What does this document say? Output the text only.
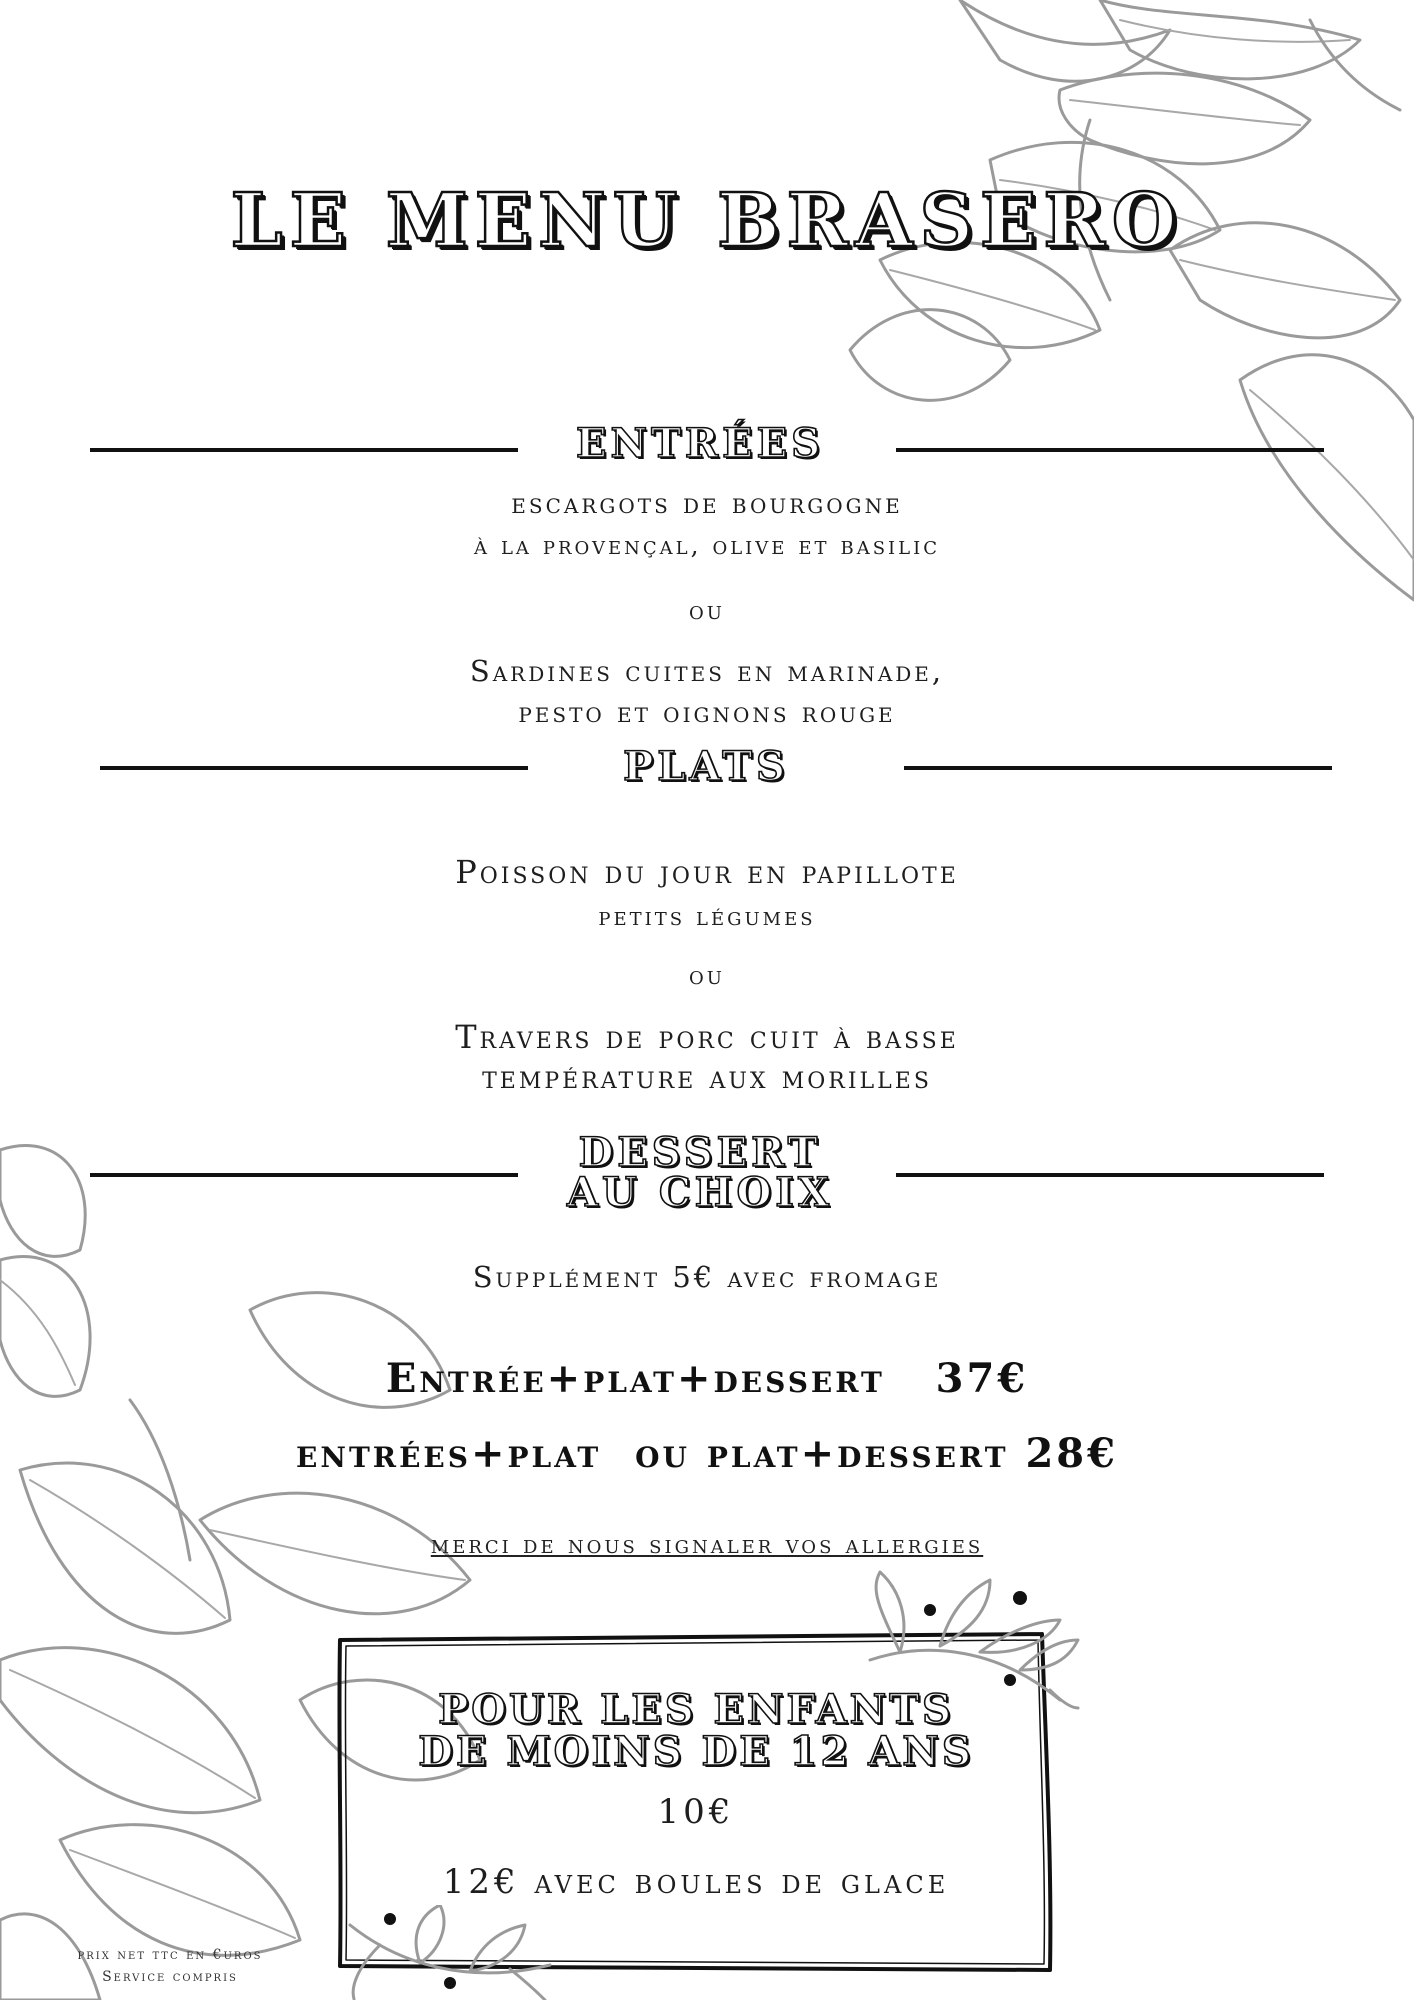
LE MENU BRASERO
ENTRÉES
escargots de bourgogne
à la provençal, olive et basilic
ou
Sardines cuites en marinade,
pesto et oignons rouge
PLATS
Poisson du jour en papillote
petits légumes
ou
Travers de porc cuit à basse
température aux morilles
DESSERT
AU CHOIX
Supplément 5€ avec fromage
Entrée+plat+dessert   37€
entrées+plat  ou plat+dessert 28€
merci de nous signaler vos allergies
POUR LES ENFANTS
DE MOINS DE 12 ANS
10€
12€ avec boules de glace
prix net ttc en €uros
Service compris
